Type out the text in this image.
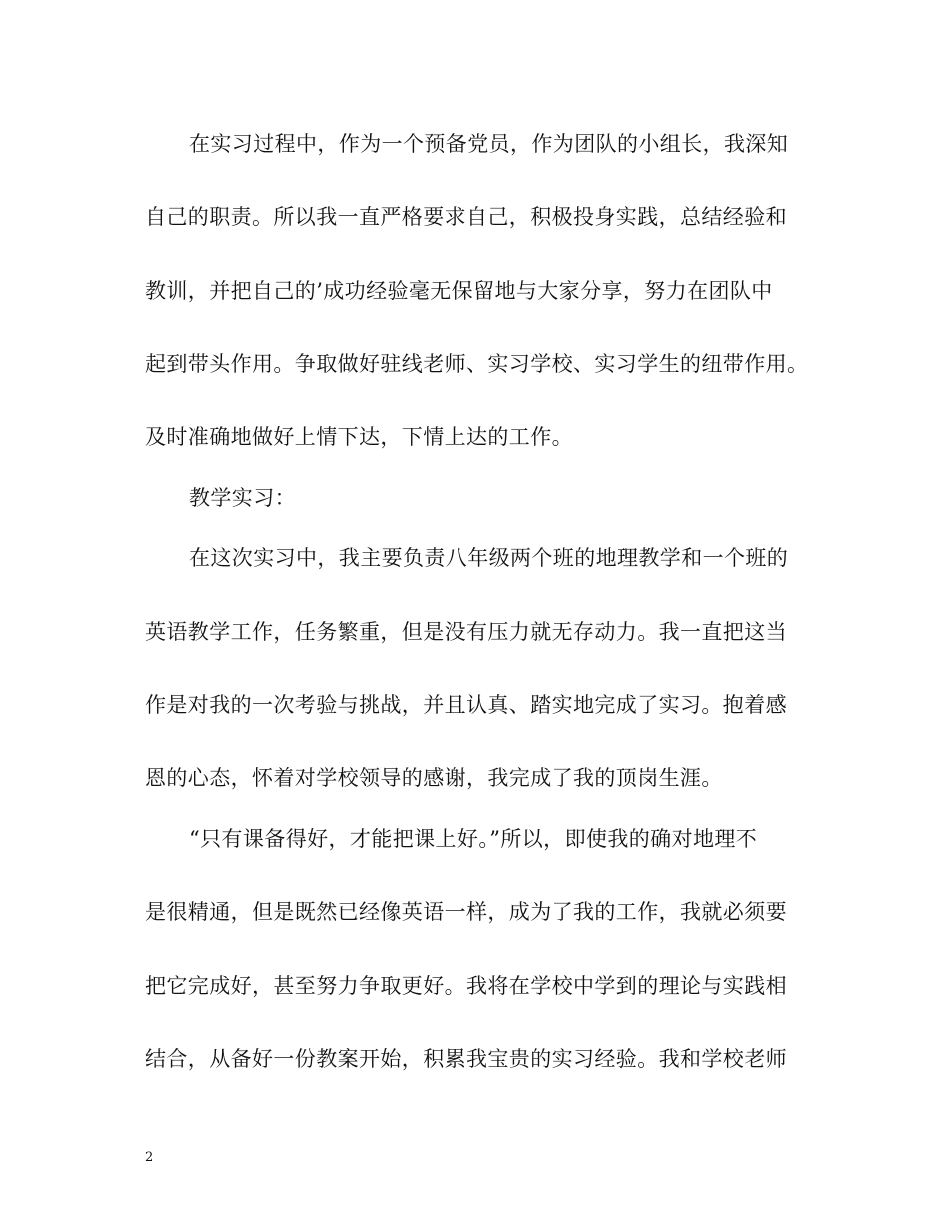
在实习过程中，作为一个预备党员，作为团队的小组长，我深知
自己的职责。所以我一直严格要求自己，积极投身实践，总结经验和
教训，并把自己的’成功经验毫无保留地与大家分享，努力在团队中
起到带头作用。争取做好驻线老师、实习学校、实习学生的纽带作用。
及时准确地做好上情下达，下情上达的工作。
教学实习：
在这次实习中，我主要负责八年级两个班的地理教学和一个班的
英语教学工作，任务繁重，但是没有压力就无存动力。我一直把这当
作是对我的一次考验与挑战，并且认真、踏实地完成了实习。抱着感
恩的心态，怀着对学校领导的感谢，我完成了我的顶岗生涯。
“只有课备得好，才能把课上好。”所以，即使我的确对地理不
是很精通，但是既然已经像英语一样，成为了我的工作，我就必须要
把它完成好，甚至努力争取更好。我将在学校中学到的理论与实践相
结合，从备好一份教案开始，积累我宝贵的实习经验。我和学校老师
2
